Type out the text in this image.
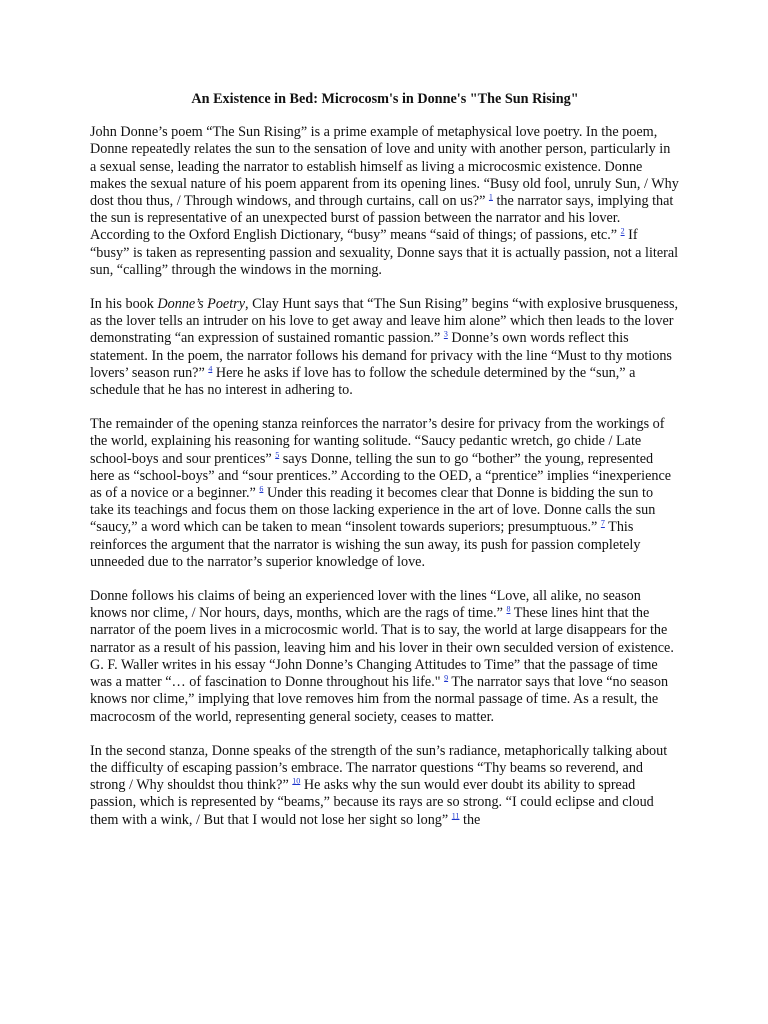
An Existence in Bed: Microcosm's in Donne's "The Sun Rising"

John Donne’s poem “The Sun Rising” is a prime example of metaphysical love poetry. In the poem, Donne repeatedly relates the sun to the sensation of love and unity with another person, particularly in a sexual sense, leading the narrator to establish himself as living a microcosmic existence. Donne makes the sexual nature of his poem apparent from its opening lines. “Busy old fool, unruly Sun, / Why dost thou thus, / Through windows, and through curtains, call on us?” $^1$ the narrator says, implying that the sun is representative of an unexpected burst of passion between the narrator and his lover. According to the Oxford English Dictionary, “busy” means “said of things; of passions, etc.” $^2$ If “busy” is taken as representing passion and sexuality, Donne says that it is actually passion, not a literal sun, “calling” through the windows in the morning.

In his book Donne’s Poetry, Clay Hunt says that “The Sun Rising” begins “with explosive brusqueness, as the lover tells an intruder on his love to get away and leave him alone” which then leads to the lover demonstrating “an expression of sustained romantic passion.” $^3$ Donne’s own words reflect this statement. In the poem, the narrator follows his demand for privacy with the line “Must to thy motions lovers’ season run?” $^4$ Here he asks if love has to follow the schedule determined by the “sun,” a schedule that he has no interest in adhering to.

The remainder of the opening stanza reinforces the narrator’s desire for privacy from the workings of the world, explaining his reasoning for wanting solitude. “Saucy pedantic wretch, go chide / Late school-boys and sour prentices” $^5$ says Donne, telling the sun to go “bother” the young, represented here as “school-boys” and “sour prentices.” According to the OED, a “prentice” implies “inexperience as of a novice or a beginner.” $^6$ Under this reading it becomes clear that Donne is bidding the sun to take its teachings and focus them on those lacking experience in the art of love. Donne calls the sun “saucy,” a word which can be taken to mean “insolent towards superiors; presumptuous.” $^7$ This reinforces the argument that the narrator is wishing the sun away, its push for passion completely unneeded due to the narrator’s superior knowledge of love.

Donne follows his claims of being an experienced lover with the lines “Love, all alike, no season knows nor clime, / Nor hours, days, months, which are the rags of time.” $^8$ These lines hint that the narrator of the poem lives in a microcosmic world. That is to say, the world at large disappears for the narrator as a result of his passion, leaving him and his lover in their own seculded version of existence. G. F. Waller writes in his essay “John Donne’s Changing Attitudes to Time” that the passage of time was a matter “… of fascination to Donne throughout his life." $^9$ The narrator says that love “no season knows nor clime,” implying that love removes him from the normal passage of time. As a result, the macrocosm of the world, representing general society, ceases to matter.

In the second stanza, Donne speaks of the strength of the sun’s radiance, metaphorically talking about the difficulty of escaping passion’s embrace. The narrator questions “Thy beams so reverend, and strong / Why shouldst thou think?” $^{10}$ He asks why the sun would ever doubt its ability to spread passion, which is represented by “beams,” because its rays are so strong. “I could eclipse and cloud them with a wink, / But that I would not lose her sight so long” $^{11}$ the
